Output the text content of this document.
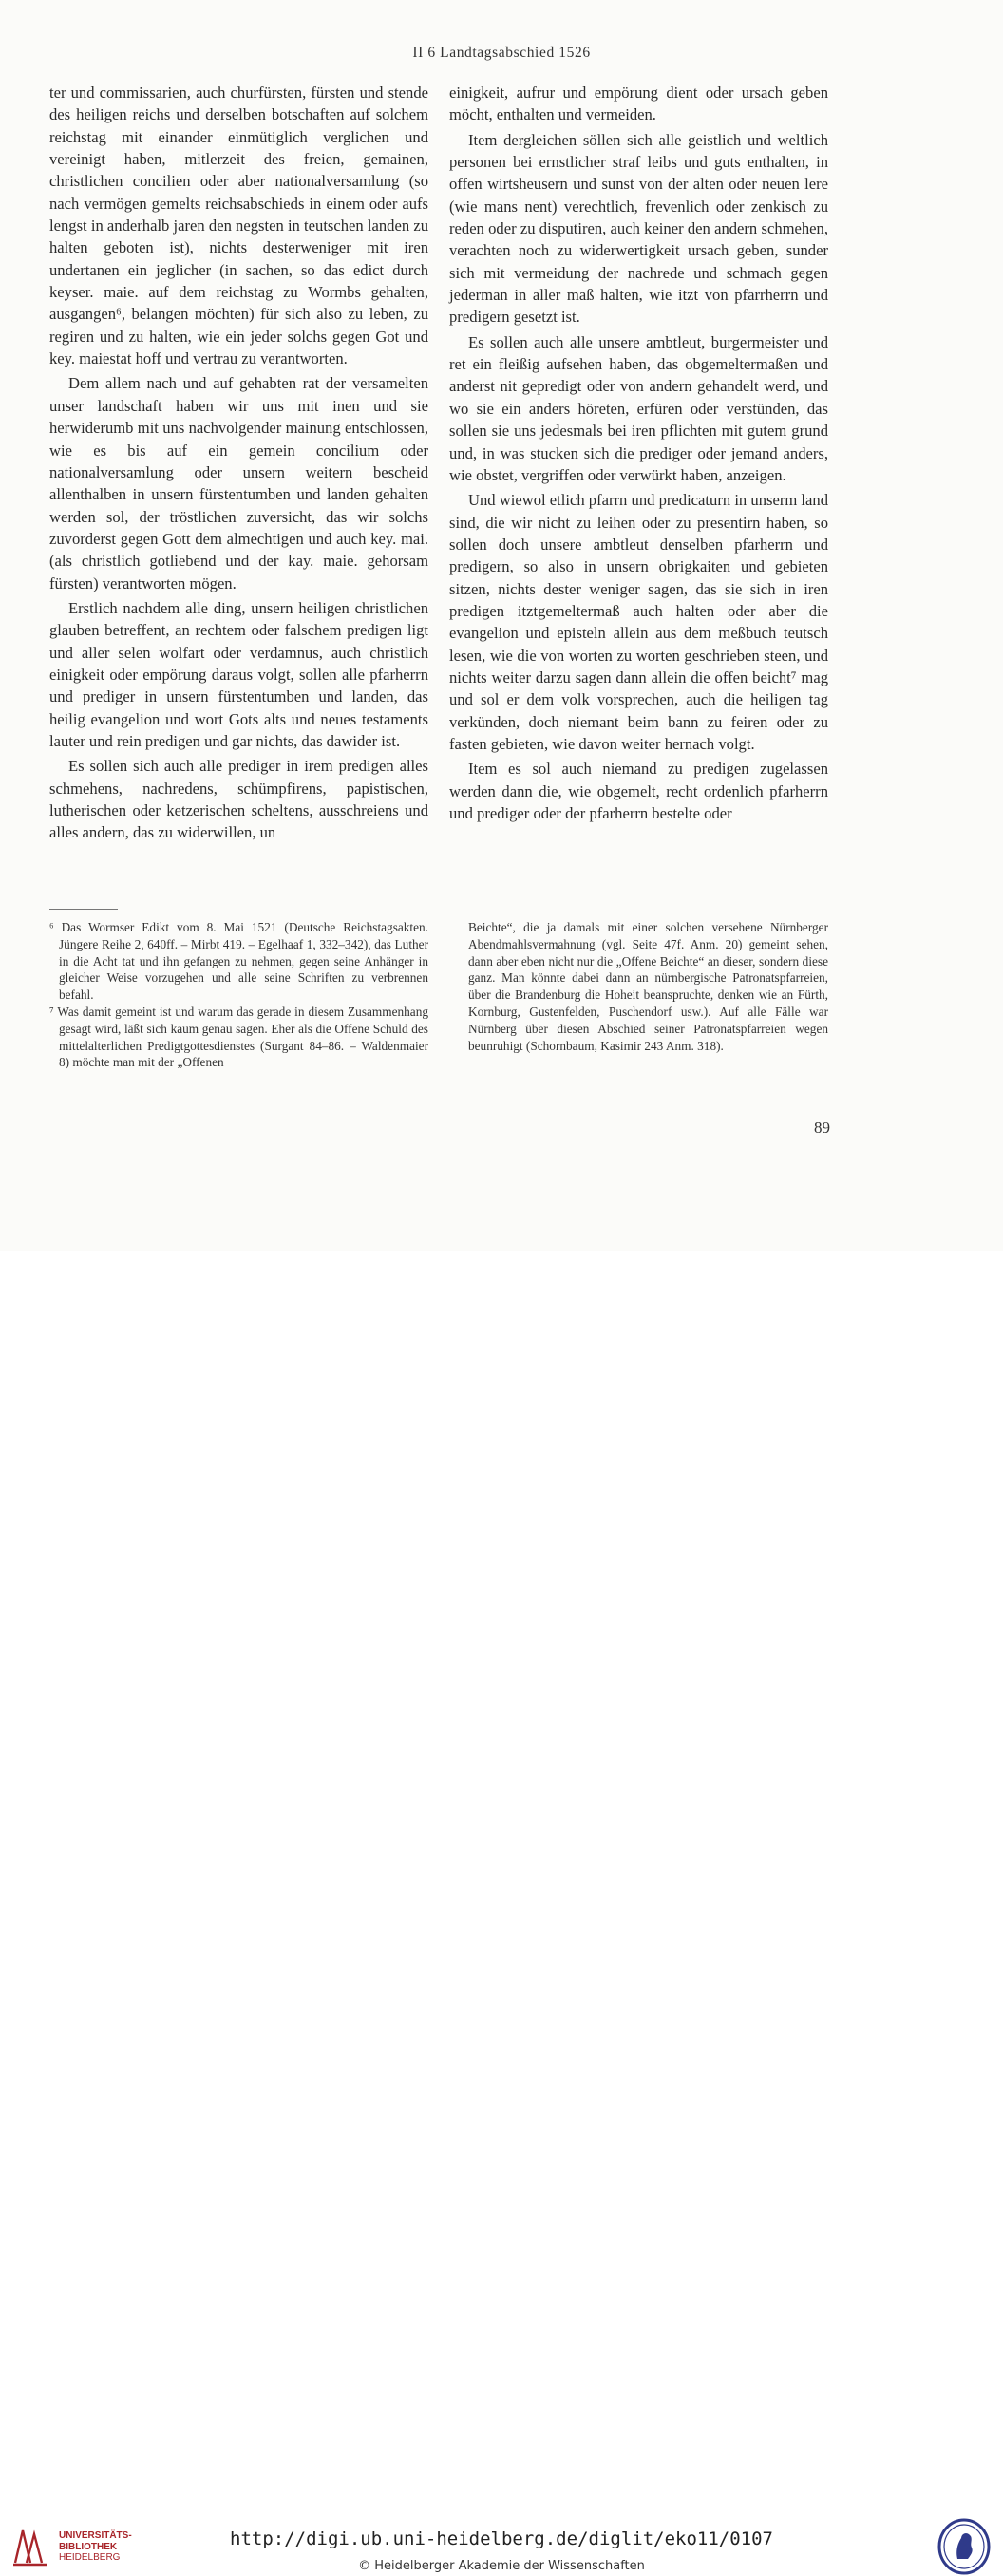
II 6 Landtagsabschied 1526

ter und commissarien, auch churfürsten, fürsten und stende des heiligen reichs und derselben botschaften auf solchem reichstag mit einander einmütiglich verglichen und vereinigt haben, mitlerzeit des freien, gemainen, christlichen concilien oder aber nationalversamlung (so nach vermögen gemelts reichsabschieds in einem oder aufs lengst in anderhalb jaren den negsten in teutschen landen zu halten geboten ist), nichts desterweniger mit iren undertanen ein jeglicher (in sachen, so das edict durch keyser. maie. auf dem reichstag zu Wormbs gehalten, ausgangen⁶, belangen möchten) für sich also zu leben, zu regiren und zu halten, wie ein jeder solchs gegen Got und key. maiestat hoff und vertrau zu verantworten.

Dem allem nach und auf gehabten rat der versamelten unser landschaft haben wir uns mit inen und sie herwiderumb mit uns nachvolgender mainung entschlossen, wie es bis auf ein gemein concilium oder nationalversamlung oder unsern weitern bescheid allenthalben in unsern fürstentumben und landen gehalten werden sol, der tröstlichen zuversicht, das wir solchs zuvorderst gegen Gott dem almechtigen und auch key. mai. (als christlich gotliebend und der kay. maie. gehorsam fürsten) verantworten mögen.

Erstlich nachdem alle ding, unsern heiligen christlichen glauben betreffent, an rechtem oder falschem predigen ligt und aller selen wolfart oder verdamnus, auch christlich einigkeit oder empörung daraus volgt, sollen alle pfarherrn und prediger in unsern fürstentumben und landen, das heilig evangelion und wort Gots alts und neues testaments lauter und rein predigen und gar nichts, das dawider ist.

Es sollen sich auch alle prediger in irem predigen alles schmehens, nachredens, schümpfirens, papistischen, lutherischen oder ketzerischen scheltens, ausschreiens und alles andern, das zu widerwillen, un

einigkeit, aufrur und empörung dient oder ursach geben möcht, enthalten und vermeiden.

Item dergleichen söllen sich alle geistlich und weltlich personen bei ernstlicher straf leibs und guts enthalten, in offen wirtsheusern und sunst von der alten oder neuen lere (wie mans nent) verechtlich, frevenlich oder zenkisch zu reden oder zu disputiren, auch keiner den andern schmehen, verachten noch zu widerwertigkeit ursach geben, sunder sich mit vermeidung der nachrede und schmach gegen jederman in aller maß halten, wie itzt von pfarrherrn und predigern gesetzt ist.

Es sollen auch alle unsere ambtleut, burgermeister und ret ein fleißig aufsehen haben, das obgemeltermaßen und anderst nit gepredigt oder von andern gehandelt werd, und wo sie ein anders höreten, erfüren oder verstünden, das sollen sie uns jedesmals bei iren pflichten mit gutem grund und, in was stucken sich die prediger oder jemand anders, wie obstet, vergriffen oder verwürkt haben, anzeigen.

Und wiewol etlich pfarrn und predicaturn in unserm land sind, die wir nicht zu leihen oder zu presentirn haben, so sollen doch unsere ambtleut denselben pfarherrn und predigern, so also in unsern obrigkaiten und gebieten sitzen, nichts dester weniger sagen, das sie sich in iren predigen itztgemeltermaß auch halten oder aber die evangelion und episteln allein aus dem meßbuch teutsch lesen, wie die von worten zu worten geschrieben steen, und nichts weiter darzu sagen dann allein die offen beicht⁷ mag und sol er dem volk vorsprechen, auch die heiligen tag verkünden, doch niemant beim bann zu feiren oder zu fasten gebieten, wie davon weiter hernach volgt.

Item es sol auch niemand zu predigen zugelassen werden dann die, wie obgemelt, recht ordenlich pfarherrn und prediger oder der pfarherrn bestelte oder

⁶ Das Wormser Edikt vom 8. Mai 1521 (Deutsche Reichstagsakten. Jüngere Reihe 2, 640ff. – Mirbt 419. – Egelhaaf 1, 332–342), das Luther in die Acht tat und ihn gefangen zu nehmen, gegen seine Anhänger in gleicher Weise vorzugehen und alle seine Schriften zu verbrennen befahl.

⁷ Was damit gemeint ist und warum das gerade in diesem Zusammenhang gesagt wird, läßt sich kaum genau sagen. Eher als die Offene Schuld des mittelalterlichen Predigtgottesdienstes (Surgant 84–86. – Waldenmaier 8) möchte man mit der „Offenen

Beichte“, die ja damals mit einer solchen versehene Nürnberger Abendmahlsvermahnung (vgl. Seite 47f. Anm. 20) gemeint sehen, dann aber eben nicht nur die „Offene Beichte“ an dieser, sondern diese ganz. Man könnte dabei dann an nürnbergische Patronatspfarreien, über die Brandenburg die Hoheit beanspruchte, denken wie an Fürth, Kornburg, Gustenfelden, Puschendorf usw.). Auf alle Fälle war Nürnberg über diesen Abschied seiner Patronatspfarreien wegen beunruhigt (Schornbaum, Kasimir 243 Anm. 318).

89
UNIVERSITÄTS-
BIBLIOTHEK
HEIDELBERG
http://digi.ub.uni-heidelberg.de/diglit/eko11/0107
© Heidelberger Akademie der Wissenschaften
